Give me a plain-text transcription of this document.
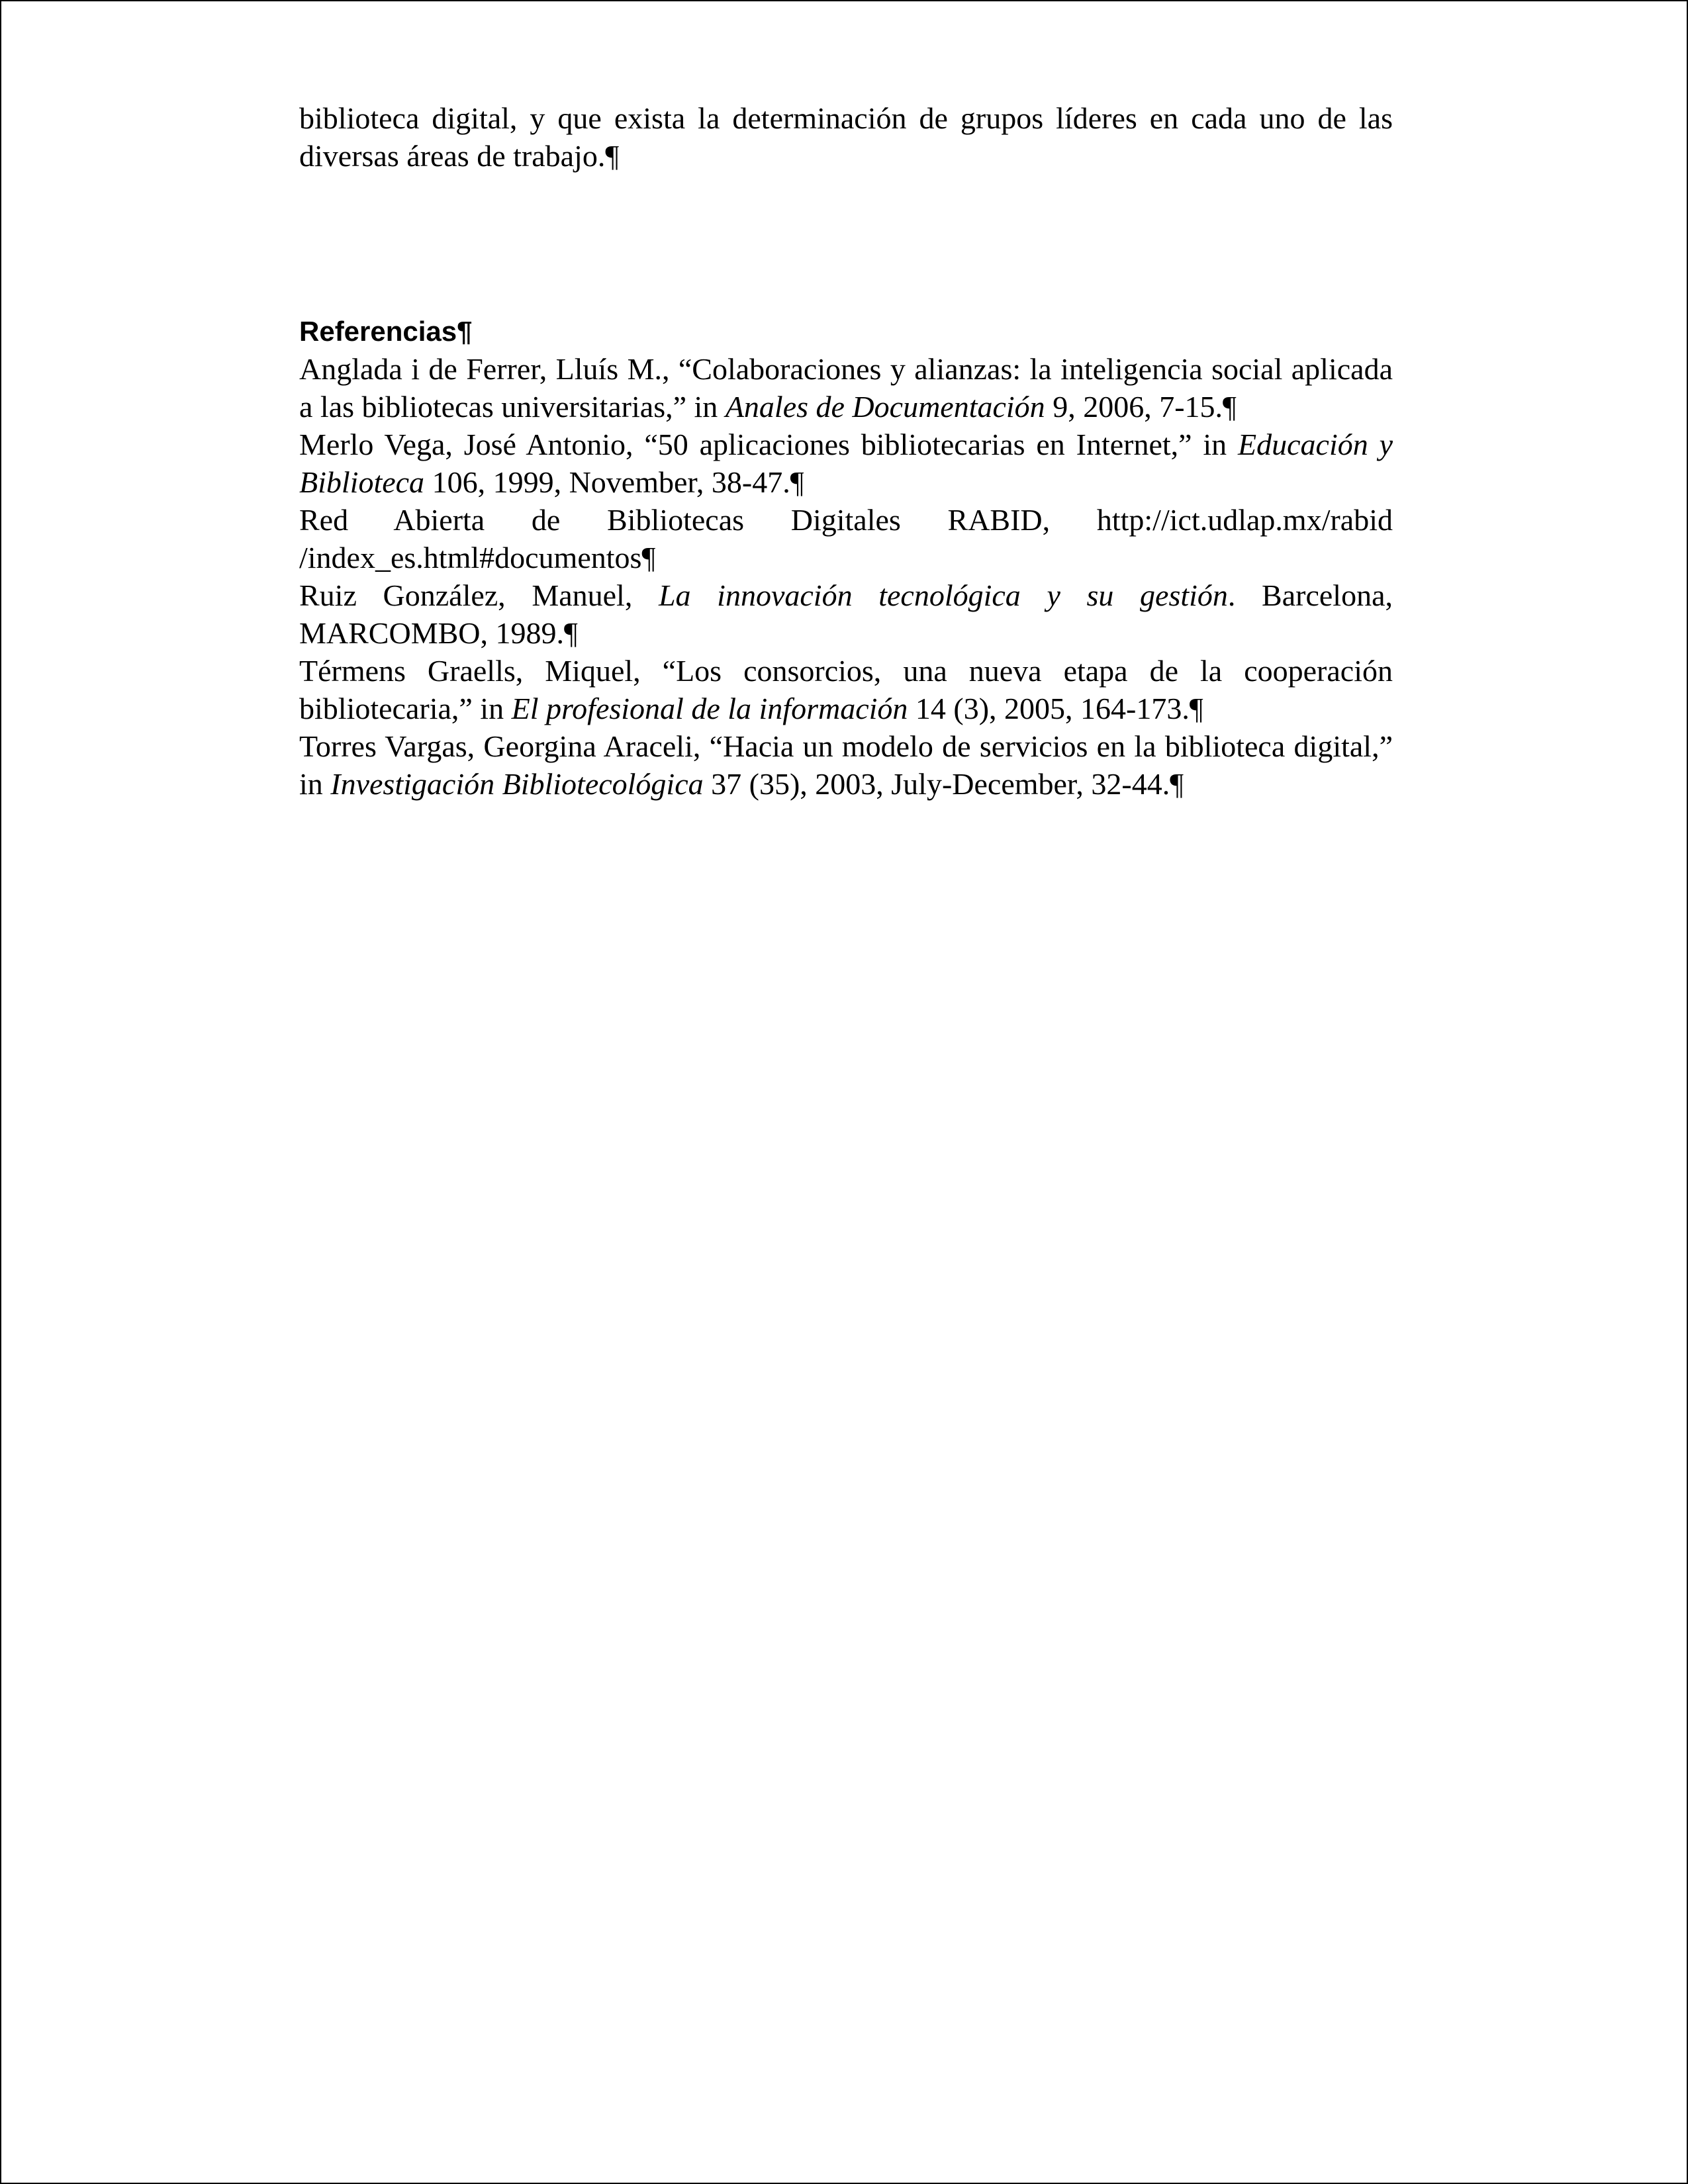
biblioteca digital, y que exista la determinación de grupos líderes en cada uno de las diversas áreas de trabajo.¶

Referencias¶

Anglada i de Ferrer, Lluís M., “Colaboraciones y alianzas: la inteligencia social aplicada a las bibliotecas universitarias,” in Anales de Documentación 9, 2006, 7-15.¶

Merlo Vega, José Antonio, “50 aplicaciones bibliotecarias en Internet,” in Educación y Biblioteca 106, 1999, November, 38-47.¶

Red Abierta de Bibliotecas Digitales RABID, http://ict.udlap.mx/rabid /index_es.html#documentos¶

Ruiz González, Manuel, La innovación tecnológica y su gestión. Barcelona, MARCOMBO, 1989.¶

Térmens Graells, Miquel, “Los consorcios, una nueva etapa de la cooperación bibliotecaria,” in El profesional de la información 14 (3), 2005, 164-173.¶

Torres Vargas, Georgina Araceli, “Hacia un modelo de servicios en la biblioteca digital,” in Investigación Bibliotecológica 37 (35), 2003, July-December, 32-44.¶
